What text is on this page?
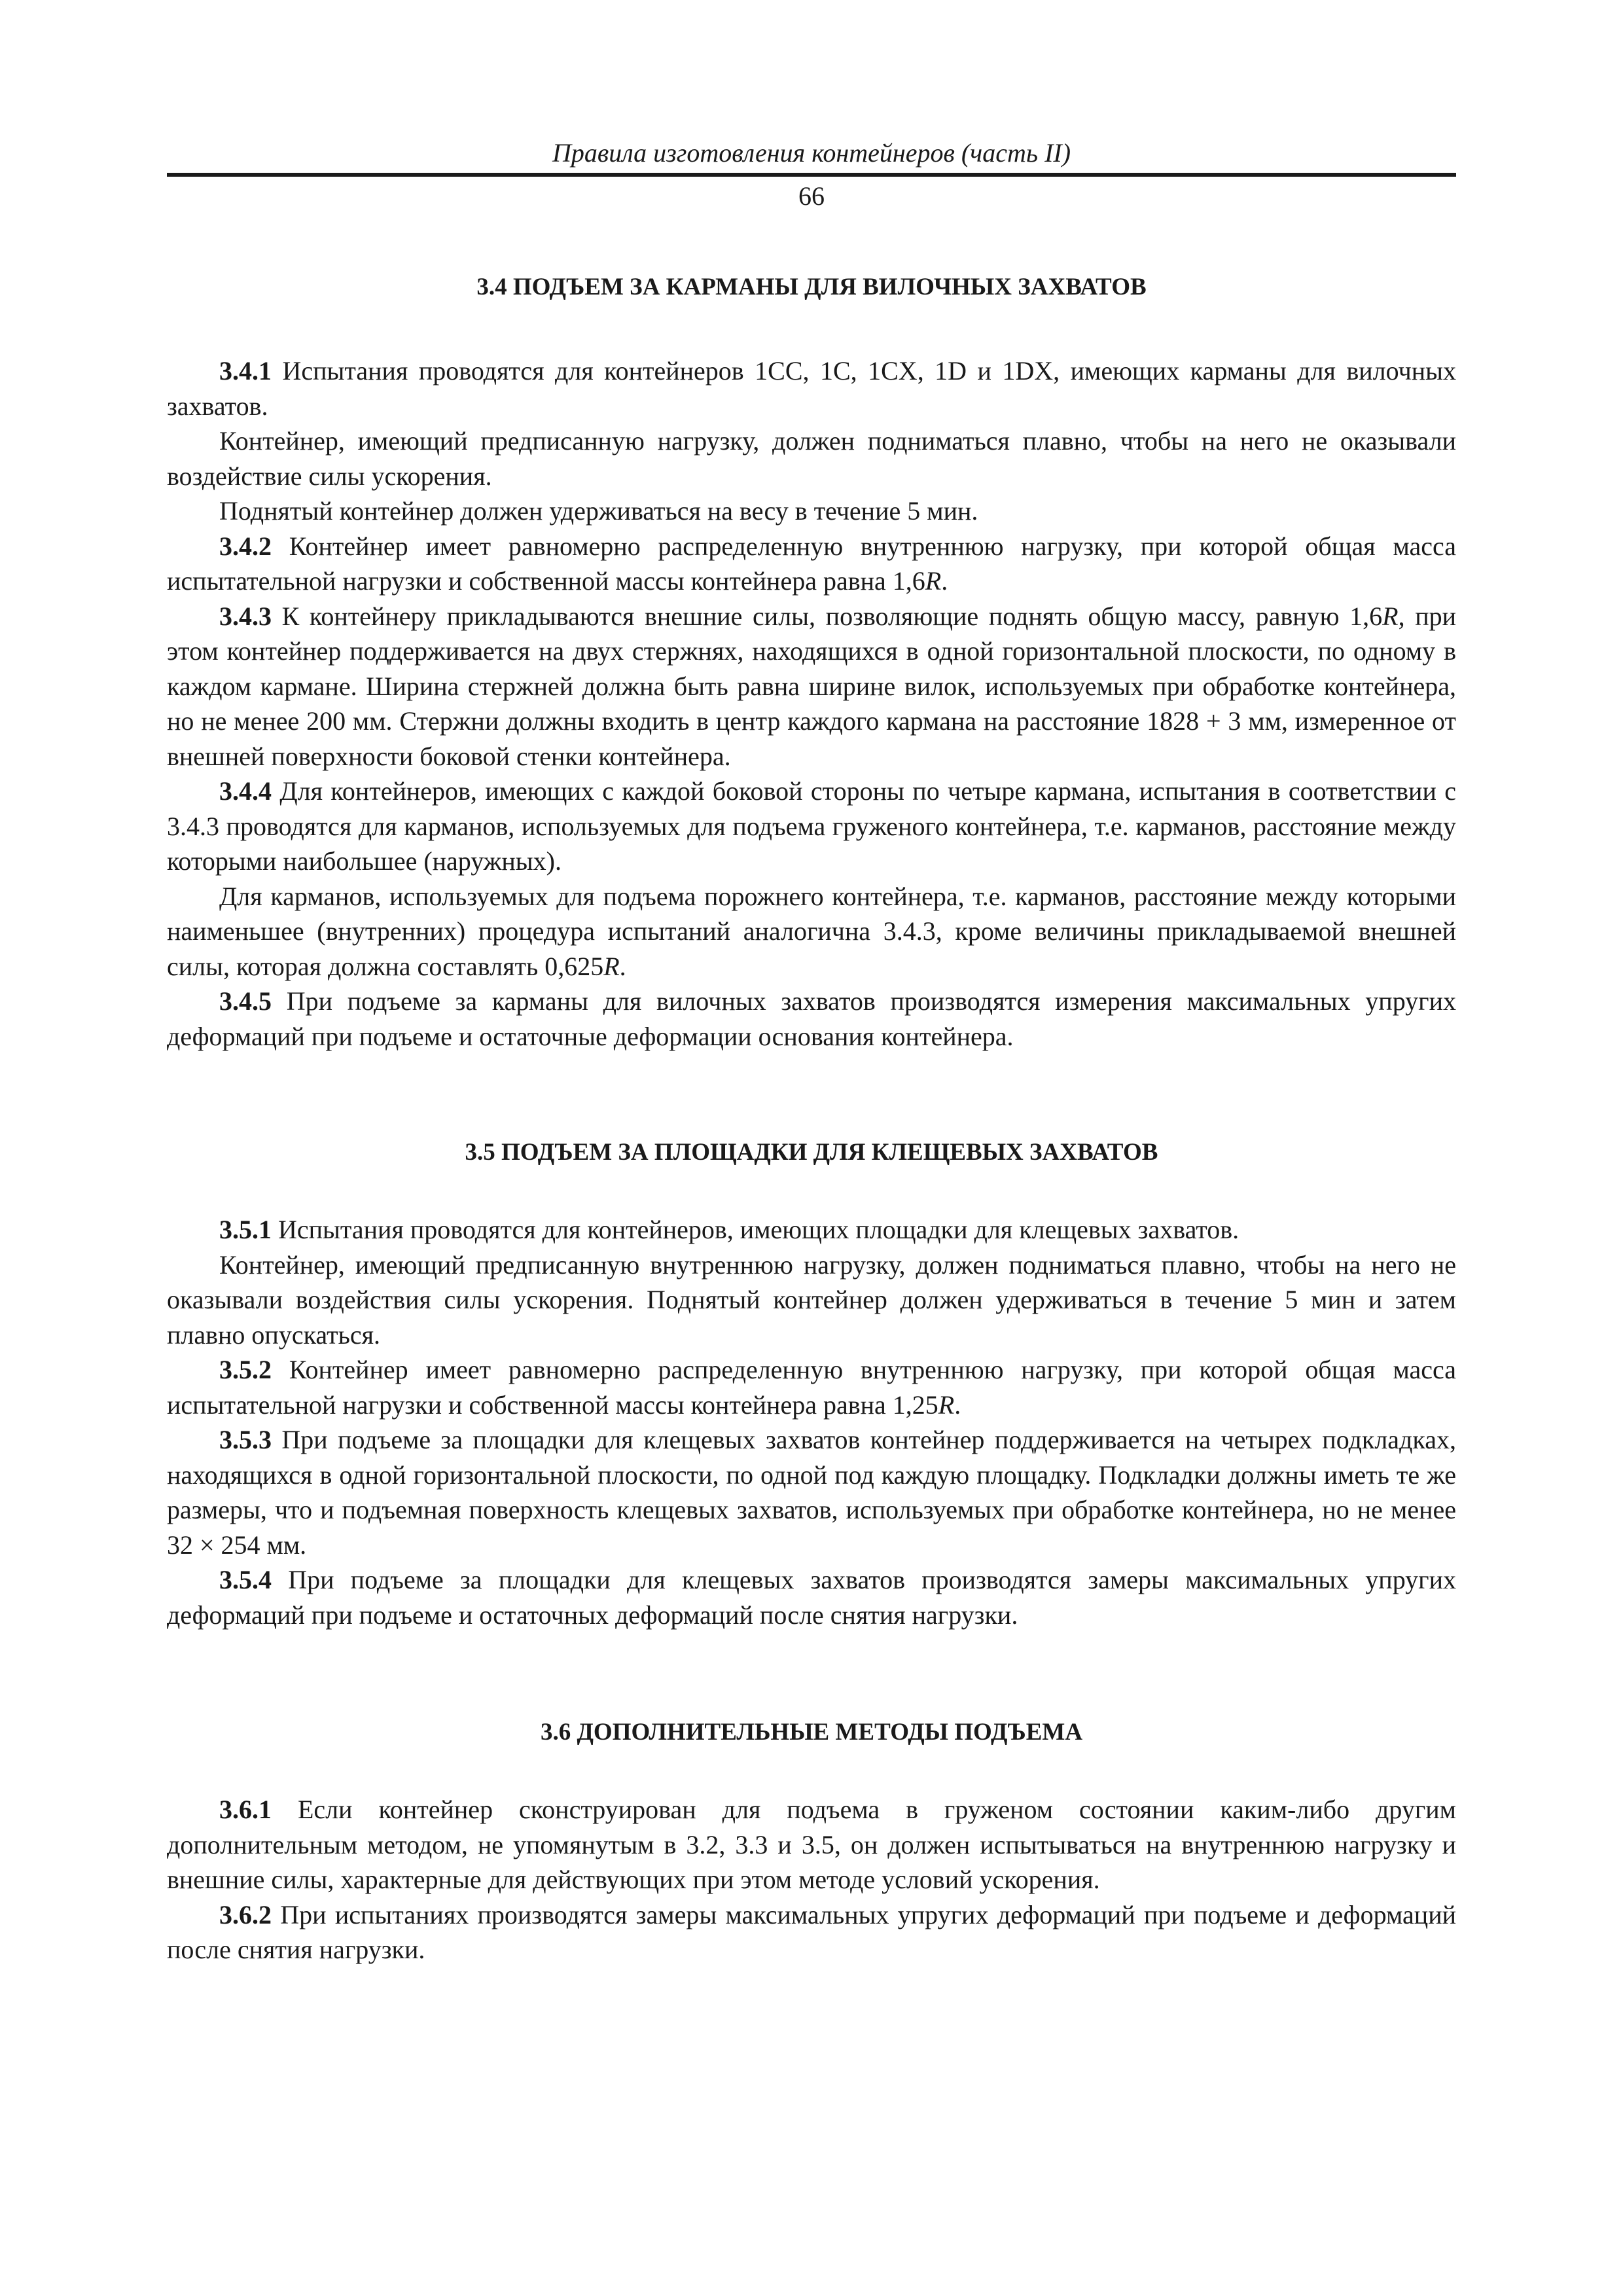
Правила изготовления контейнеров (часть II)
66
3.4 ПОДЪЕМ ЗА КАРМАНЫ ДЛЯ ВИЛОЧНЫХ ЗАХВАТОВ

3.4.1 Испытания проводятся для контейнеров 1CC, 1C, 1CX, 1D и 1DX, имеющих карманы для вилочных захватов.

Контейнер, имеющий предписанную нагрузку, должен подниматься плавно, чтобы на него не оказывали воздействие силы ускорения.

Поднятый контейнер должен удерживаться на весу в течение 5 мин.

3.4.2 Контейнер имеет равномерно распределенную внутреннюю нагрузку, при которой общая масса испытательной нагрузки и собственной массы контейнера равна 1,6R.

3.4.3 К контейнеру прикладываются внешние силы, позволяющие поднять общую массу, равную 1,6R, при этом контейнер поддерживается на двух стержнях, находящихся в одной горизонтальной плоскости, по одному в каждом кармане. Ширина стержней должна быть равна ширине вилок, используемых при обработке контейнера, но не менее 200 мм. Стержни должны входить в центр каждого кармана на расстояние 1828 + 3 мм, измеренное от внешней поверхности боковой стенки контейнера.

3.4.4 Для контейнеров, имеющих с каждой боковой стороны по четыре кармана, испытания в соответствии с 3.4.3 проводятся для карманов, используемых для подъема груженого контейнера, т.е. карманов, расстояние между которыми наибольшее (наружных).

Для карманов, используемых для подъема порожнего контейнера, т.е. карманов, расстояние между которыми наименьшее (внутренних) процедура испытаний аналогична 3.4.3, кроме величины прикладываемой внешней силы, которая должна составлять 0,625R.

3.4.5 При подъеме за карманы для вилочных захватов производятся измерения максимальных упругих деформаций при подъеме и остаточные деформации основания контейнера.

3.5 ПОДЪЕМ ЗА ПЛОЩАДКИ ДЛЯ КЛЕЩЕВЫХ ЗАХВАТОВ

3.5.1 Испытания проводятся для контейнеров, имеющих площадки для клещевых захватов.

Контейнер, имеющий предписанную внутреннюю нагрузку, должен подниматься плавно, чтобы на него не оказывали воздействия силы ускорения. Поднятый контейнер должен удерживаться в течение 5 мин и затем плавно опускаться.

3.5.2 Контейнер имеет равномерно распределенную внутреннюю нагрузку, при которой общая масса испытательной нагрузки и собственной массы контейнера равна 1,25R.

3.5.3 При подъеме за площадки для клещевых захватов контейнер поддерживается на четырех подкладках, находящихся в одной горизонтальной плоскости, по одной под каждую площадку. Подкладки должны иметь те же размеры, что и подъемная поверхность клещевых захватов, используемых при обработке контейнера, но не менее 32 × 254 мм.

3.5.4 При подъеме за площадки для клещевых захватов производятся замеры максимальных упругих деформаций при подъеме и остаточных деформаций после снятия нагрузки.

3.6 ДОПОЛНИТЕЛЬНЫЕ МЕТОДЫ ПОДЪЕМА

3.6.1 Если контейнер сконструирован для подъема в груженом состоянии каким-либо другим дополнительным методом, не упомянутым в 3.2, 3.3 и 3.5, он должен испытываться на внутреннюю нагрузку и внешние силы, характерные для действующих при этом методе условий ускорения.

3.6.2 При испытаниях производятся замеры максимальных упругих деформаций при подъеме и деформаций после снятия нагрузки.
